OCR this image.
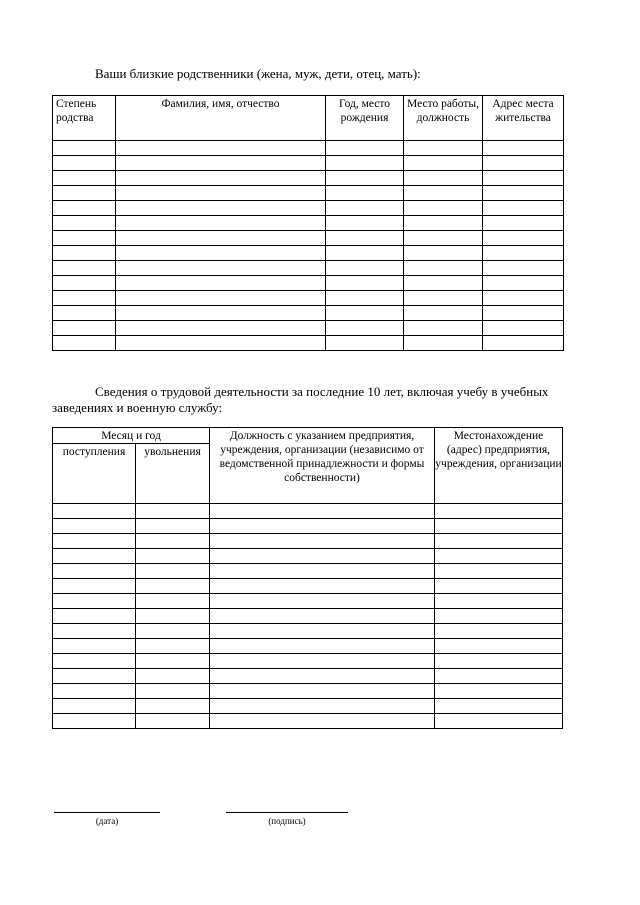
Ваши близкие родственники (жена, муж, дети, отец, мать):

Степень родства	Фамилия, имя, отчество	Год, место рождения	Место работы, должность	Адрес места жительства

Сведения о трудовой деятельности за последние 10 лет, включая учебу в учебных заведениях и военную службу:

Месяц и год		Должность с указанием предприятия, учреждения, организации (независимо от ведомственной принадлежности и формы собственности)	Местонахождение (адрес) предприятия, учреждения, организации
поступления	увольнения		

(дата)	(подпись)
